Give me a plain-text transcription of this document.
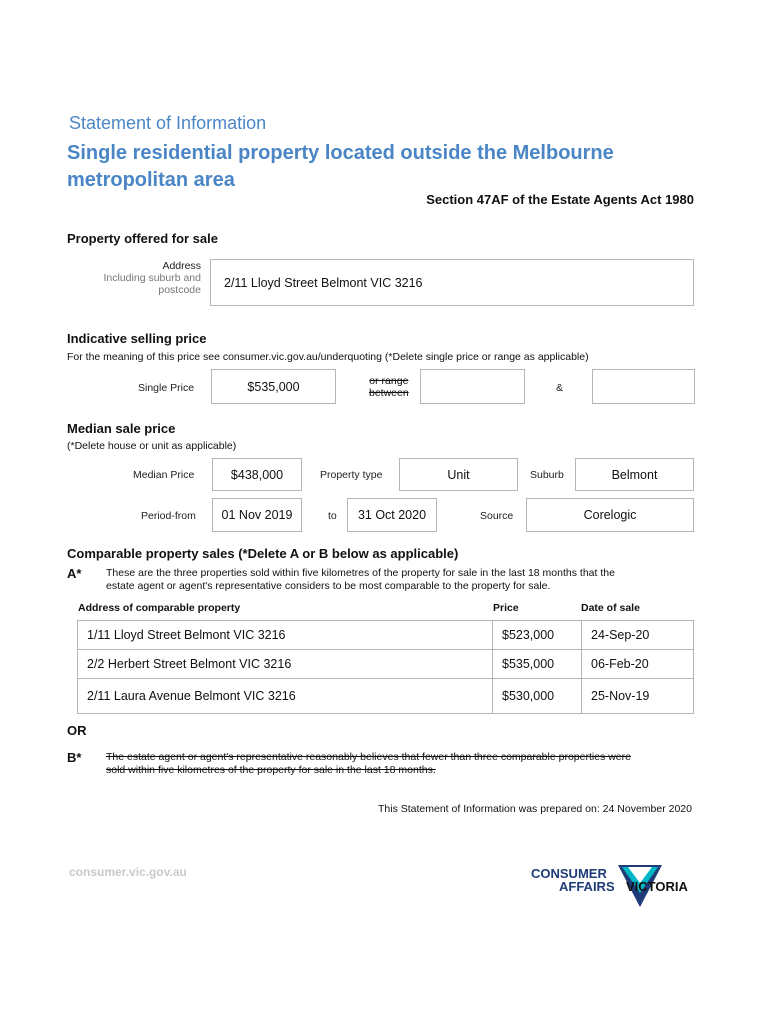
Statement of Information
Single residential property located outside the Melbourne metropolitan area
Section 47AF of the Estate Agents Act 1980
Property offered for sale
Address
Including suburb and
postcode
2/11 Lloyd Street Belmont VIC 3216
Indicative selling price
For the meaning of this price see consumer.vic.gov.au/underquoting (*Delete single price or range as applicable)
Single Price	$535,000	or range
between	&
Median sale price
(*Delete house or unit as applicable)
Median Price	$438,000	Property type	Unit	Suburb	Belmont
Period-from	01 Nov 2019	to	31 Oct 2020	Source	Corelogic
Comparable property sales (*Delete A or B below as applicable)
A* These are the three properties sold within five kilometres of the property for sale in the last 18 months that the
estate agent or agent's representative considers to be most comparable to the property for sale.
Address of comparable property	Price	Date of sale
1/11 Lloyd Street Belmont VIC 3216	$523,000	24-Sep-20
2/2 Herbert Street Belmont VIC 3216	$535,000	06-Feb-20
2/11 Laura Avenue Belmont VIC 3216	$530,000	25-Nov-19
OR
B* The estate agent or agent's representative reasonably believes that fewer than three comparable properties were
sold within five kilometres of the property for sale in the last 18 months.
This Statement of Information was prepared on: 24 November 2020
consumer.vic.gov.au	CONSUMER
AFFAIRS VICTORIA
